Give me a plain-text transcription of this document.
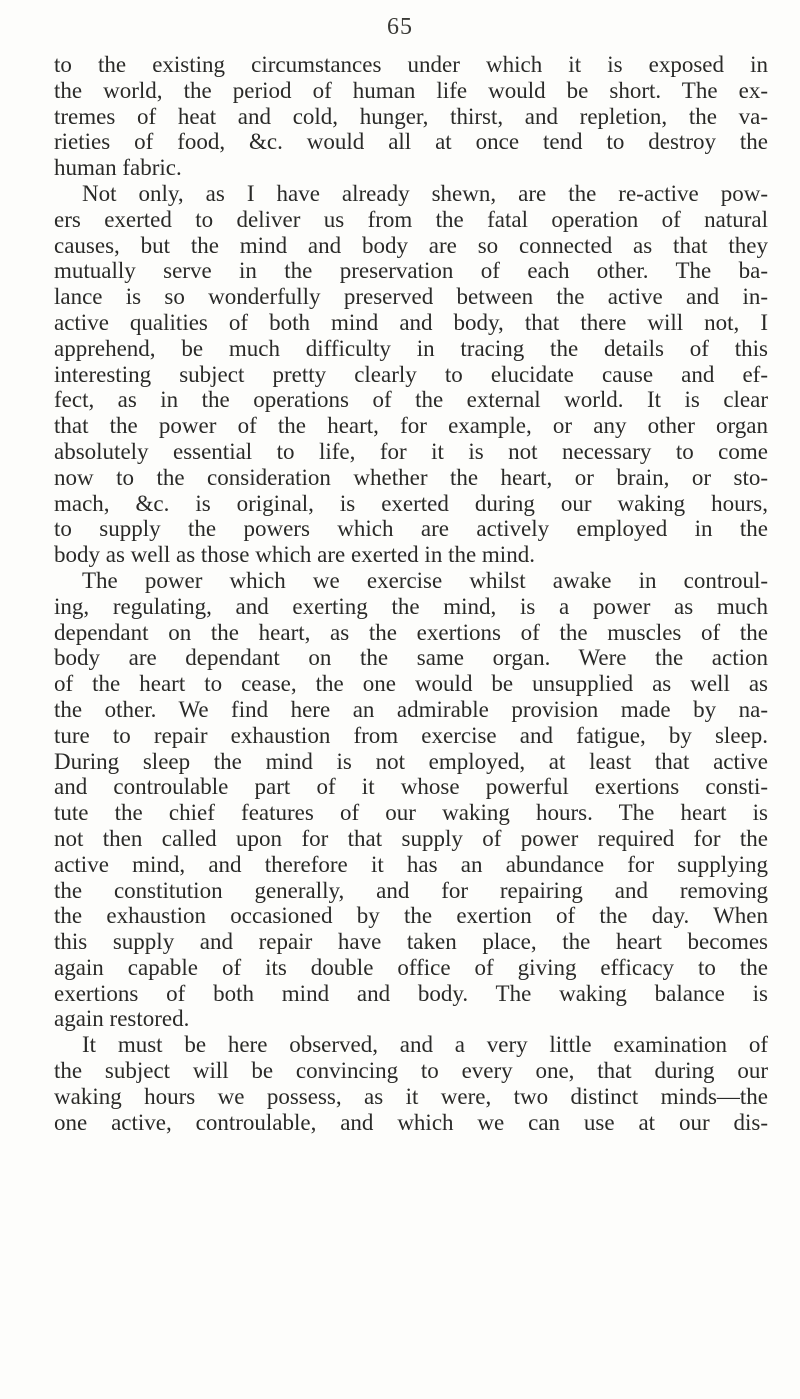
65
to the existing circumstances under which it is exposed in
the world, the period of human life would be short. The ex-
tremes of heat and cold, hunger, thirst, and repletion, the va-
rieties of food, &c. would all at once tend to destroy the
human fabric.
Not only, as I have already shewn, are the re-active pow-
ers exerted to deliver us from the fatal operation of natural
causes, but the mind and body are so connected as that they
mutually serve in the preservation of each other. The ba-
lance is so wonderfully preserved between the active and in-
active qualities of both mind and body, that there will not, I
apprehend, be much difficulty in tracing the details of this
interesting subject pretty clearly to elucidate cause and ef-
fect, as in the operations of the external world. It is clear
that the power of the heart, for example, or any other organ
absolutely essential to life, for it is not necessary to come
now to the consideration whether the heart, or brain, or sto-
mach, &c. is original, is exerted during our waking hours,
to supply the powers which are actively employed in the
body as well as those which are exerted in the mind.
The power which we exercise whilst awake in controul-
ing, regulating, and exerting the mind, is a power as much
dependant on the heart, as the exertions of the muscles of the
body are dependant on the same organ. Were the action
of the heart to cease, the one would be unsupplied as well as
the other. We find here an admirable provision made by na-
ture to repair exhaustion from exercise and fatigue, by sleep.
During sleep the mind is not employed, at least that active
and controulable part of it whose powerful exertions consti-
tute the chief features of our waking hours. The heart is
not then called upon for that supply of power required for the
active mind, and therefore it has an abundance for supplying
the constitution generally, and for repairing and removing
the exhaustion occasioned by the exertion of the day. When
this supply and repair have taken place, the heart becomes
again capable of its double office of giving efficacy to the
exertions of both mind and body. The waking balance is
again restored.
It must be here observed, and a very little examination of
the subject will be convincing to every one, that during our
waking hours we possess, as it were, two distinct minds—the
one active, controulable, and which we can use at our dis-
